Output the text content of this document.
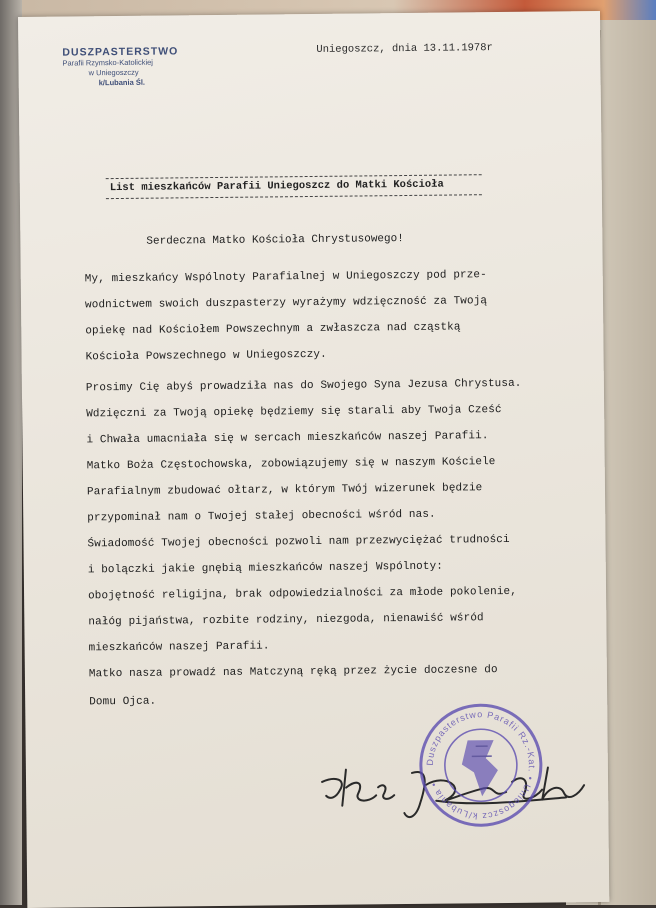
DUSZPASTERSTWO
Parafii Rzymsko-Katolickiej
w Uniegoszczy
k/Lubania Śl.
Uniegoszcz, dnia 13.11.1978r
List mieszkańców Parafii Uniegoszcz do Matki Kościoła
Serdeczna Matko Kościoła Chrystusowego!
My, mieszkańcy Wspólnoty Parafialnej w Uniegoszczy pod prze-
wodnictwem swoich duszpasterzy wyrażymy wdzięczność za Twoją
opiekę nad Kościołem Powszechnym a zwłaszcza nad cząstką
Kościoła Powszechnego w Uniegoszczy.
Prosimy Cię abyś prowadziła nas do Swojego Syna Jezusa Chrystusa.
Wdzięczni za Twoją opiekę będziemy się starali aby Twoja Cześć
i Chwała umacniała się w sercach mieszkańców naszej Parafii.
Matko Boża Częstochowska, zobowiązujemy się w naszym Kościele
Parafialnym zbudować ołtarz, w którym Twój wizerunek będzie
przypominał nam o Twojej stałej obecności wśród nas.
Świadomość Twojej obecności pozwoli nam przezwyciężać trudności
i bolączki jakie gnębią mieszkańców naszej Wspólnoty:
obojętność religijna, brak odpowiedzialności za młode pokolenie,
nałóg pijaństwa, rozbite rodziny, niezgoda, nienawiść wśród
mieszkańców naszej Parafii.
Matko nasza prowadź nas Matczyną ręką przez życie doczesne do
Domu Ojca.
Duszpasterstwo Parafii Rz.-Kat. • Uniegoszcz k/Lubania •
